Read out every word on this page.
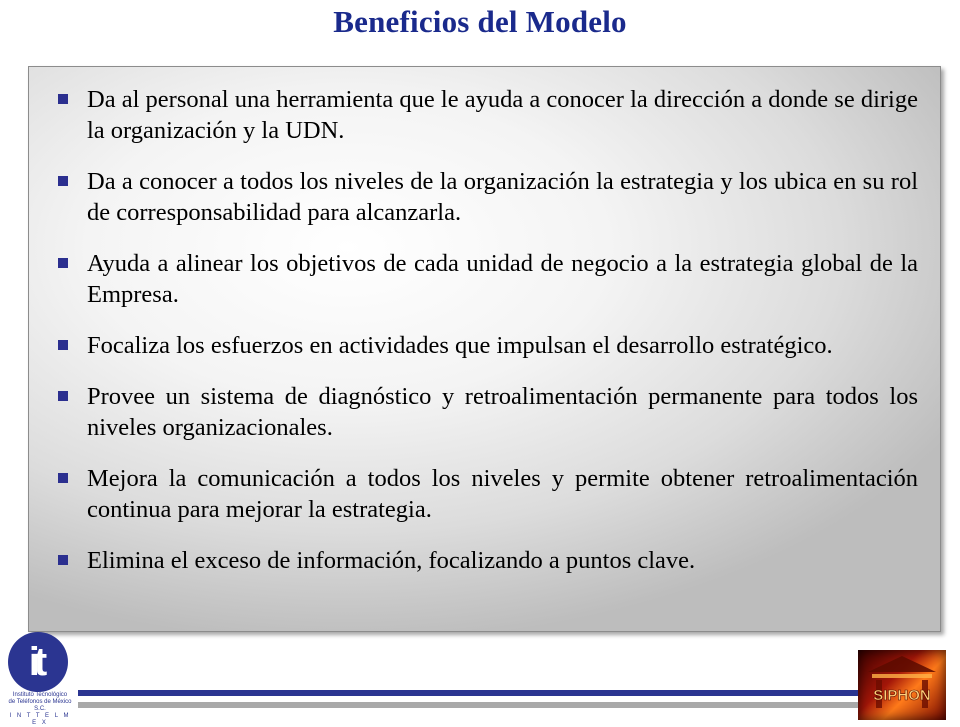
Beneficios del Modelo
Da al personal una herramienta que le ayuda a conocer la dirección a donde se dirige la organización y la UDN.
Da a conocer a todos los niveles de la organización la estrategia y los ubica en su rol de corresponsabilidad para alcanzarla.
Ayuda a alinear los objetivos de cada unidad de negocio a la estrategia global de la Empresa.
Focaliza los esfuerzos en actividades que impulsan el desarrollo estratégico.
Provee un sistema de diagnóstico y retroalimentación permanente para todos los niveles organizacionales.
Mejora la comunicación a todos los niveles y permite obtener retroalimentación continua para mejorar la estrategia.
Elimina el exceso de información, focalizando a puntos clave.
it
Instituto Tecnológico
de Teléfonos de México S.C.
I N T T E L M E X
SIPHON
